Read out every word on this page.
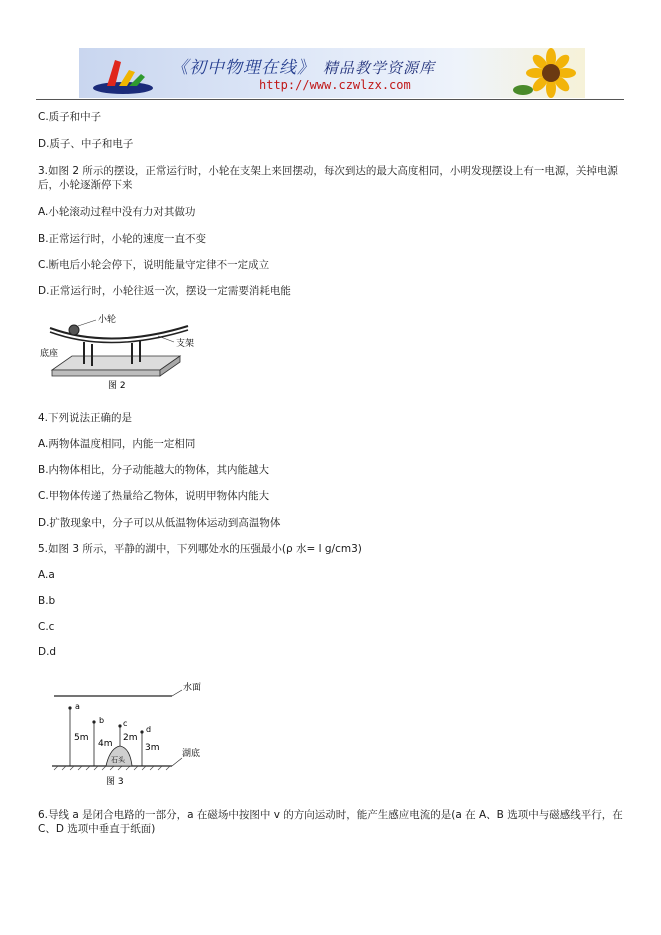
《初中物理在线》 精品教学资源库
http://www.czwlzx.com
C.质子和中子
D.质子、中子和电子
3.如图 2 所示的摆设，正常运行时，小轮在支架上来回摆动，每次到达的最大高度相同，小明发现摆设上有一电源，关掉电源后，小轮逐渐停下来
A.小轮滚动过程中没有力对其做功
B.正常运行时，小轮的速度一直不变
C.断电后小轮会停下，说明能量守定律不一定成立
D.正常运行时，小轮往返一次，摆设一定需要消耗电能
小轮
支架
底座
图 2
4.下列说法正确的是
A.两物体温度相同，内能一定相同
B.内物体相比，分子动能越大的物体，其内能越大
C.甲物体传递了热量给乙物体，说明甲物体内能大
D.扩散现象中，分子可以从低温物体运动到高温物体
5.如图 3 所示，平静的湖中，下列哪处水的压强最小(ρ 水= l g/cm3)
A.a
B.b
C.c
D.d
水面
湖底
石头
a
5m
b
4m
c
2m
d
3m
图 3
6.导线 a 是闭合电路的一部分，a 在磁场中按图中 v 的方向运动时，能产生感应电流的是(a 在 A、B 选项中与磁感线平行，在 C、D 选项中垂直于纸面)
